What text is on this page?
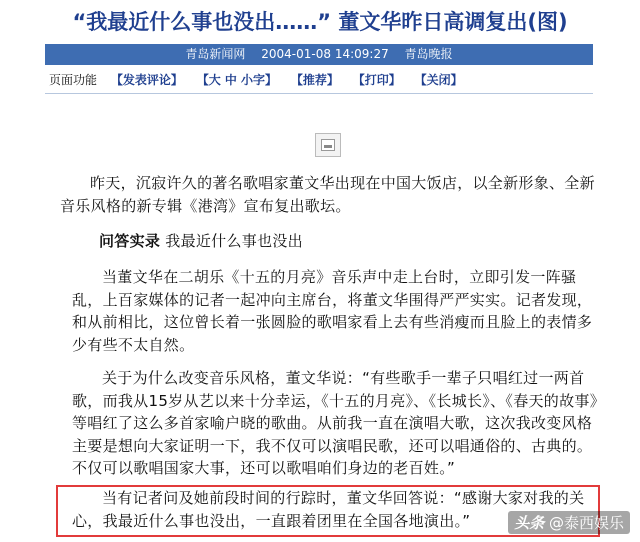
“我最近什么事也没出……” 董文华昨日高调复出(图)
青岛新闻网 2004-01-08 14:09:27 青岛晚报
页面功能 【发表评论】 【大 中 小字】 【推荐】 【打印】 【关闭】
昨天，沉寂许久的著名歌唱家董文华出现在中国大饭店，以全新形象、全新音乐风格的新专辑《港湾》宣布复出歌坛。
问答实录 我最近什么事也没出
当董文华在二胡乐《十五的月亮》音乐声中走上台时，立即引发一阵骚乱，上百家媒体的记者一起冲向主席台，将董文华围得严严实实。记者发现，和从前相比，这位曾长着一张圆脸的歌唱家看上去有些消瘦而且脸上的表情多少有些不太自然。
关于为什么改变音乐风格，董文华说：“有些歌手一辈子只唱红过一两首歌，而我从15岁从艺以来十分幸运，《十五的月亮》、《长城长》、《春天的故事》等唱红了这么多首家喻户晓的歌曲。从前我一直在演唱大歌，这次我改变风格主要是想向大家证明一下，我不仅可以演唱民歌，还可以唱通俗的、古典的。不仅可以歌唱国家大事，还可以歌唱咱们身边的老百姓。”
当有记者问及她前段时间的行踪时，董文华回答说：“感谢大家对我的关心，我最近什么事也没出，一直跟着团里在全国各地演出。”	头条 @泰西娱乐
